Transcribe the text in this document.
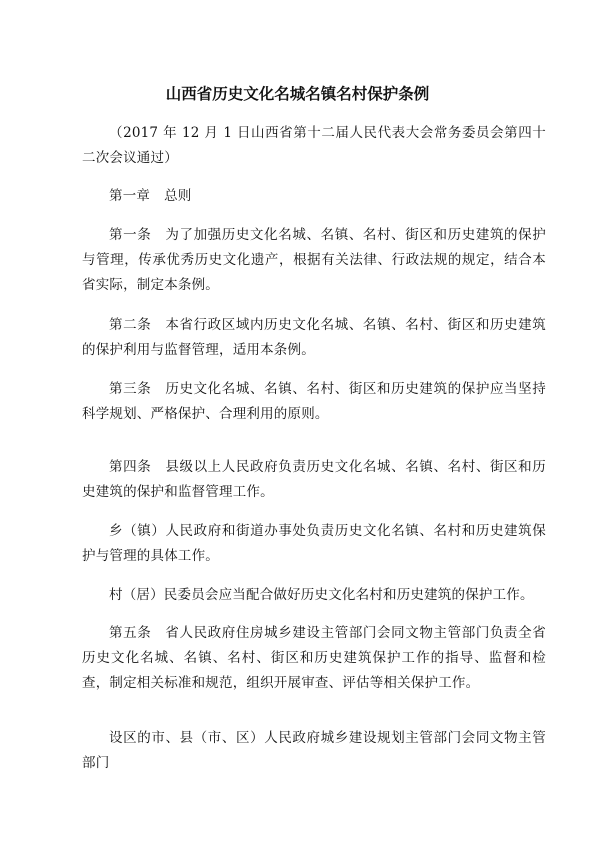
山西省历史文化名城名镇名村保护条例
（2017 年 12 月 1 日山西省第十二届人民代表大会常务委员会第四十二次会议通过）
第一章 总则
第一条 为了加强历史文化名城、名镇、名村、街区和历史建筑的保护与管理，传承优秀历史文化遗产，根据有关法律、行政法规的规定，结合本省实际，制定本条例。
第二条 本省行政区域内历史文化名城、名镇、名村、街区和历史建筑的保护利用与监督管理，适用本条例。
第三条 历史文化名城、名镇、名村、街区和历史建筑的保护应当坚持科学规划、严格保护、合理利用的原则。
第四条 县级以上人民政府负责历史文化名城、名镇、名村、街区和历史建筑的保护和监督管理工作。
乡（镇）人民政府和街道办事处负责历史文化名镇、名村和历史建筑保护与管理的具体工作。
村（居）民委员会应当配合做好历史文化名村和历史建筑的保护工作。
第五条 省人民政府住房城乡建设主管部门会同文物主管部门负责全省历史文化名城、名镇、名村、街区和历史建筑保护工作的指导、监督和检查，制定相关标准和规范，组织开展审查、评估等相关保护工作。
设区的市、县（市、区）人民政府城乡建设规划主管部门会同文物主管部门
